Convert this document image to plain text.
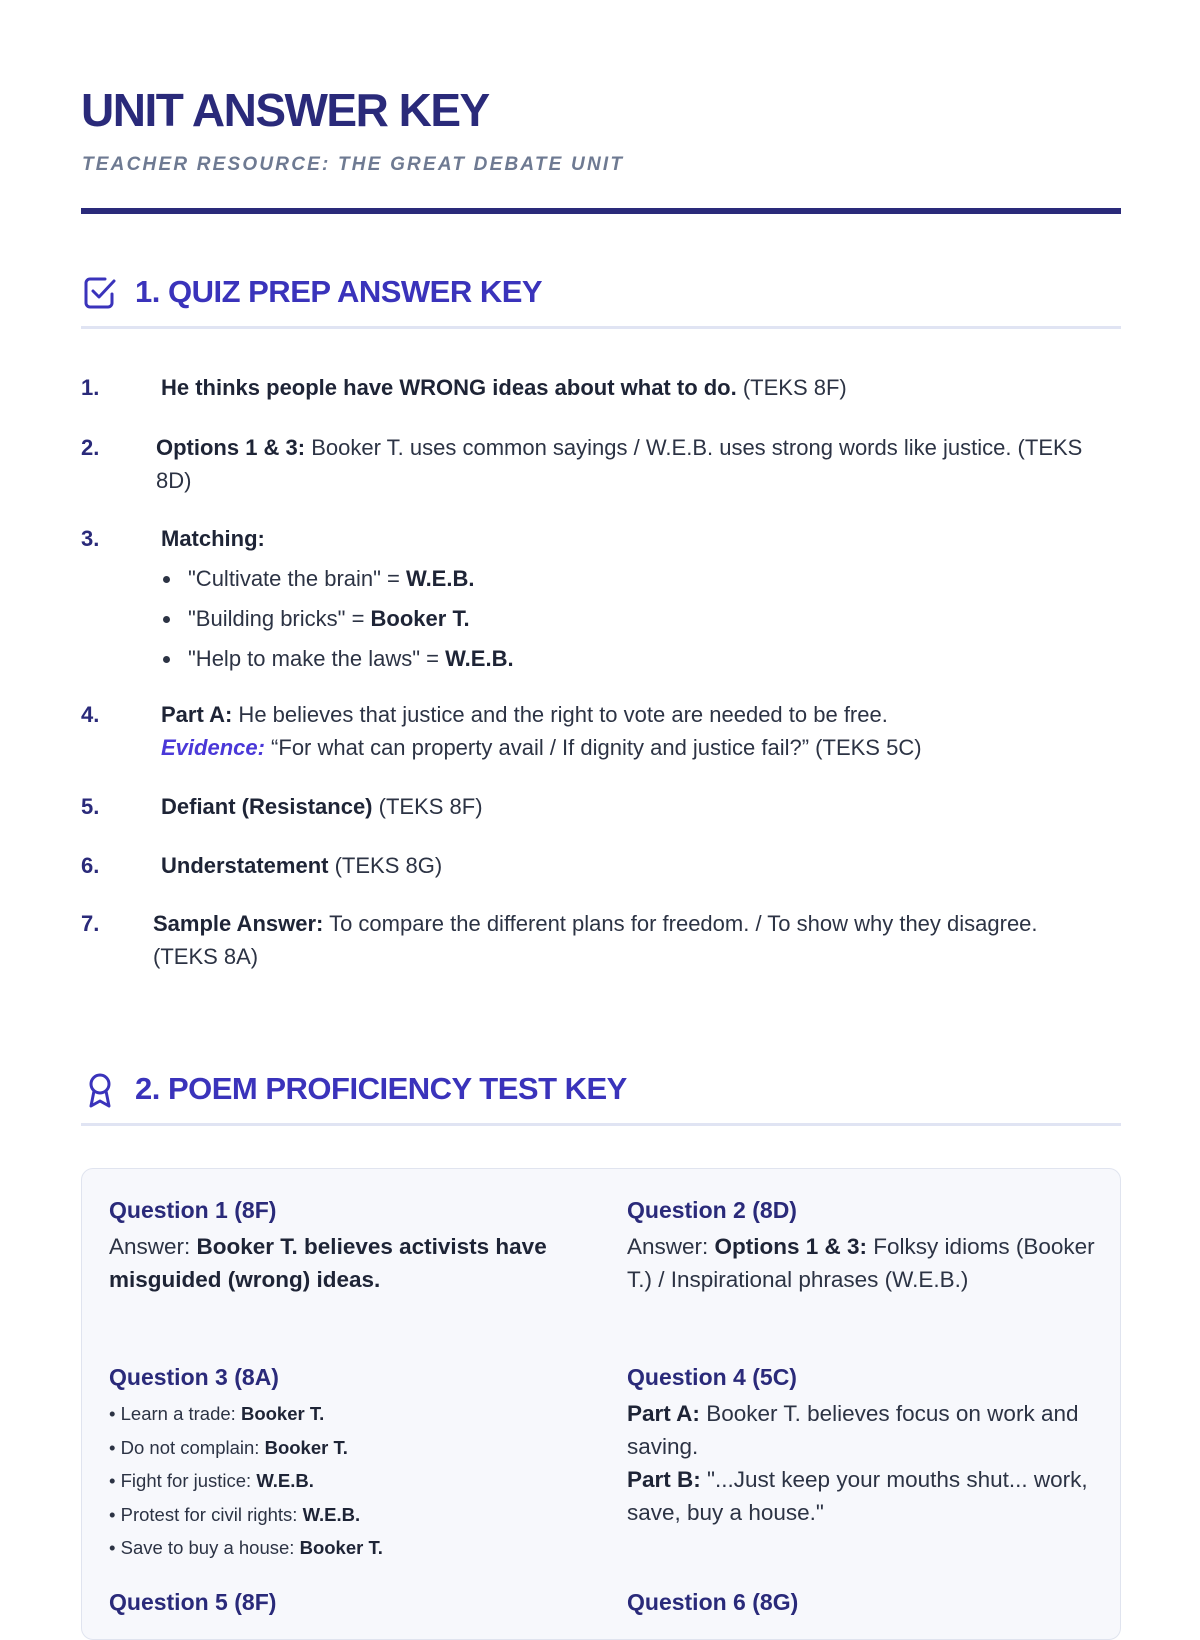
UNIT ANSWER KEY
TEACHER RESOURCE: THE GREAT DEBATE UNIT
1. QUIZ PREP ANSWER KEY
1.	He thinks people have WRONG ideas about what to do. (TEKS 8F)
2.	Options 1 & 3: Booker T. uses common sayings / W.E.B. uses strong words like justice. (TEKS 8D)
3.	Matching:
"Cultivate the brain" = W.E.B.
"Building bricks" = Booker T.
"Help to make the laws" = W.E.B.
4.	Part A: He believes that justice and the right to vote are needed to be free.
Evidence: “For what can property avail / If dignity and justice fail?” (TEKS 5C)
5.	Defiant (Resistance) (TEKS 8F)
6.	Understatement (TEKS 8G)
7. Sample Answer: To compare the different plans for freedom. / To show why they disagree. (TEKS 8A)
2. POEM PROFICIENCY TEST KEY
Question 1 (8F)
Answer: Booker T. believes activists have misguided (wrong) ideas.
Question 2 (8D)
Answer: Options 1 & 3: Folksy idioms (Booker T.) / Inspirational phrases (W.E.B.)
Question 3 (8A)
• Learn a trade: Booker T.
• Do not complain: Booker T.
• Fight for justice: W.E.B.
• Protest for civil rights: W.E.B.
• Save to buy a house: Booker T.
Question 4 (5C)
Part A: Booker T. believes focus on work and saving.
Part B: "...Just keep your mouths shut... work, save, buy a house."
Question 5 (8F)	Question 6 (8G)
